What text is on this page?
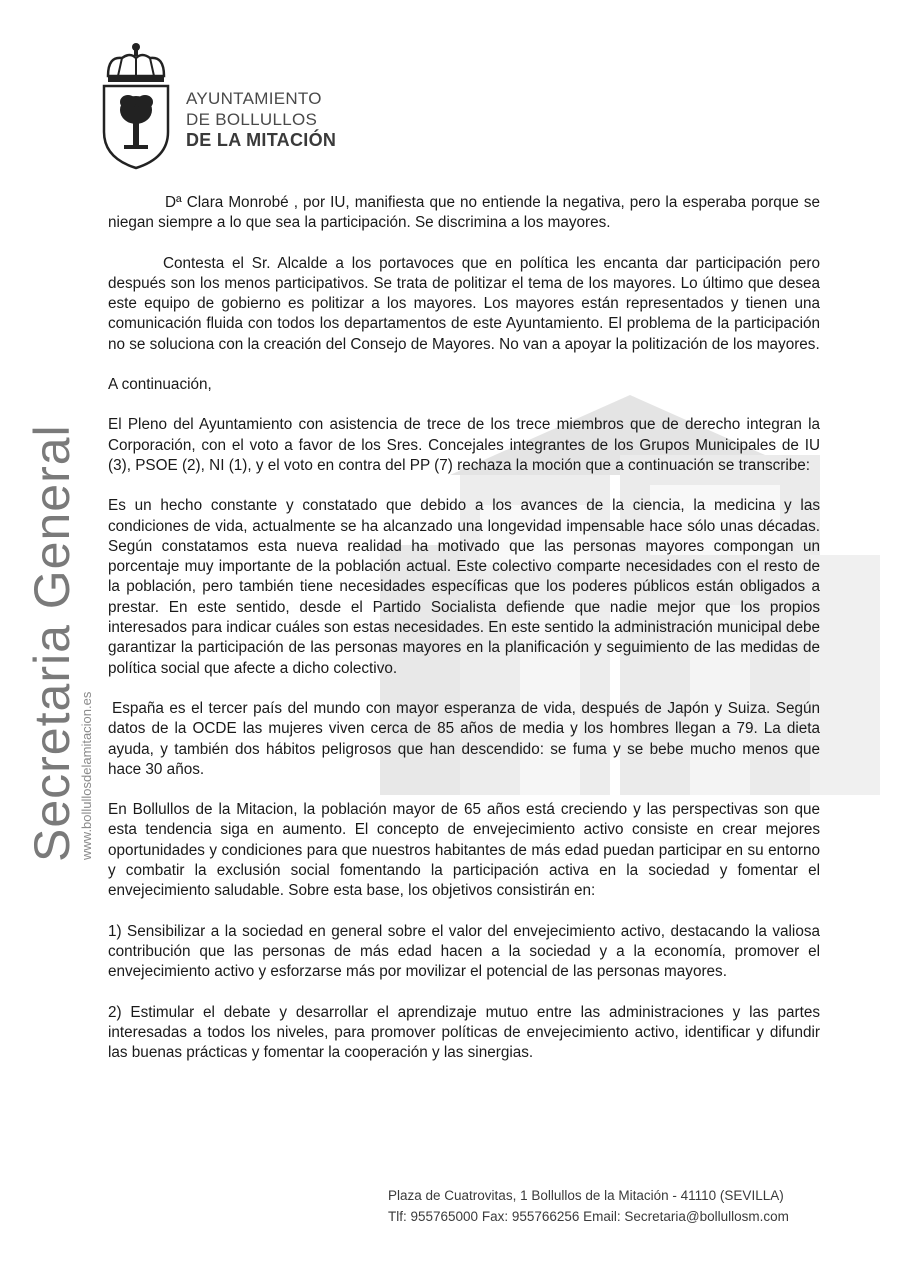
AYUNTAMIENTO
DE BOLLULLOS
DE LA MITACIÓN
Secretaria General www.bollullosdelamitacion.es

Dª Clara Monrobé , por IU, manifiesta que no entiende la negativa, pero la esperaba porque se niegan siempre a lo que sea la participación. Se discrimina a los mayores.

Contesta el Sr. Alcalde a los portavoces que en política les encanta dar participación pero después son los menos participativos. Se trata de politizar el tema de los mayores. Lo último que desea este equipo de gobierno es politizar a los mayores. Los mayores están representados y tienen una comunicación fluida con todos los departamentos de este Ayuntamiento. El problema de la participación no se soluciona con la creación del Consejo de Mayores. No van a apoyar la politización de los mayores.

A continuación,

El Pleno del Ayuntamiento con asistencia de trece de los trece miembros que de derecho integran la Corporación, con el voto a favor de los Sres. Concejales integrantes de los Grupos Municipales de IU (3), PSOE (2), NI (1), y el voto en contra del PP (7) rechaza la moción que a continuación se transcribe:

Es un hecho constante y constatado que debido a los avances de la ciencia, la medicina y las condiciones de vida, actualmente se ha alcanzado una longevidad impensable hace sólo unas décadas. Según constatamos esta nueva realidad ha motivado que las personas mayores compongan un porcentaje muy importante de la población actual. Este colectivo comparte necesidades con el resto de la población, pero también tiene necesidades específicas que los poderes públicos están obligados a prestar. En este sentido, desde el Partido Socialista defiende que nadie mejor que los propios interesados para indicar cuáles son estas necesidades. En este sentido la administración municipal debe garantizar la participación de las personas mayores en la planificación y seguimiento de las medidas de política social que afecte a dicho colectivo.

España es el tercer país del mundo con mayor esperanza de vida, después de Japón y Suiza. Según datos de la OCDE las mujeres viven cerca de 85 años de media y los hombres llegan a 79. La dieta ayuda, y también dos hábitos peligrosos que han descendido: se fuma y se bebe mucho menos que hace 30 años.

En Bollullos de la Mitacion, la población mayor de 65 años está creciendo y las perspectivas son que esta tendencia siga en aumento. El concepto de envejecimiento activo consiste en crear mejores oportunidades y condiciones para que nuestros habitantes de más edad puedan participar en su entorno y combatir la exclusión social fomentando la participación activa en la sociedad y fomentar el envejecimiento saludable. Sobre esta base, los objetivos consistirán en:

1) Sensibilizar a la sociedad en general sobre el valor del envejecimiento activo, destacando la valiosa contribución que las personas de más edad hacen a la sociedad y a la economía, promover el envejecimiento activo y esforzarse más por movilizar el potencial de las personas mayores.

2) Estimular el debate y desarrollar el aprendizaje mutuo entre las administraciones y las partes interesadas a todos los niveles, para promover políticas de envejecimiento activo, identificar y difundir las buenas prácticas y fomentar la cooperación y las sinergias.

Plaza de Cuatrovitas, 1 Bollullos de la Mitación - 41110 (SEVILLA)
Tlf: 955765000 Fax: 955766256 Email: Secretaria@bollullosm.com
